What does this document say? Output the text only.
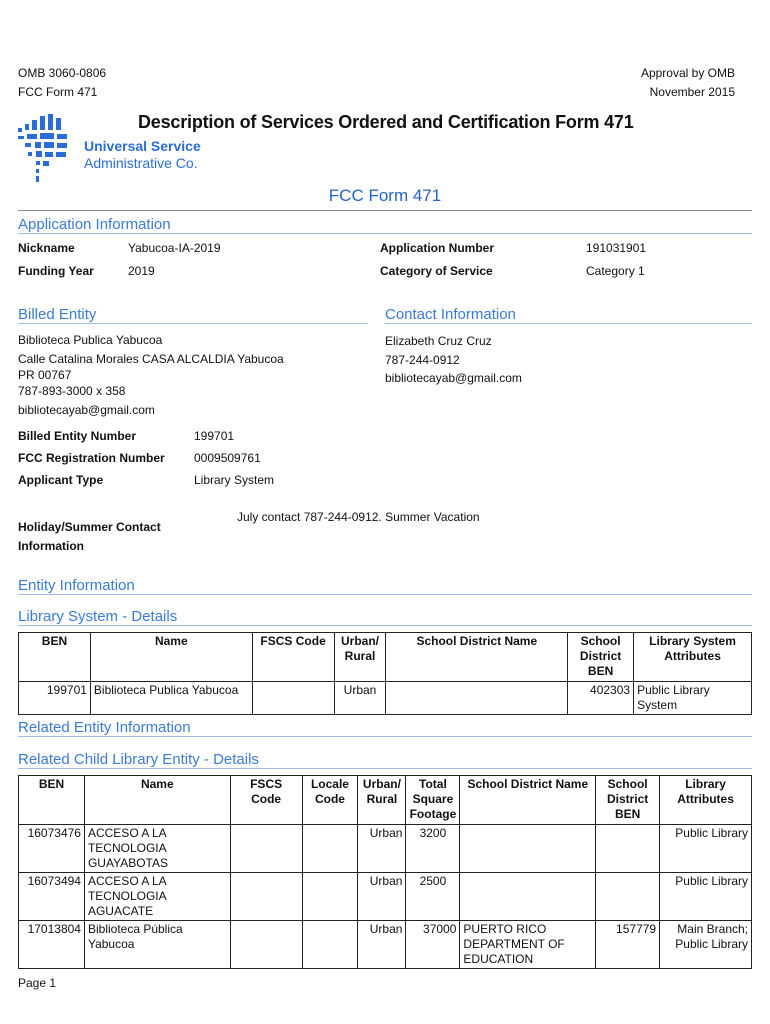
OMB 3060-0806
FCC Form 471
Approval by OMB
November 2015
Universal Service
Administrative Co.
Description of Services Ordered and Certification Form 471
FCC Form 471
Application Information
Nickname	Yabucoa-IA-2019
Funding Year	2019
Application Number	191031901
Category of Service	Category 1
Billed Entity
Biblioteca Publica Yabucoa
Calle Catalina Morales CASA ALCALDIA Yabucoa
PR 00767
787-893-3000 x 358
bibliotecayab@gmail.com
Billed Entity Number	199701
FCC Registration Number 0009509761
Applicant Type	Library System
Holiday/Summer Contact
Information
July contact 787-244-0912. Summer Vacation
Contact Information
Elizabeth Cruz Cruz
787-244-0912
bibliotecayab@gmail.com
Entity Information
Library System - Details
BEN	Name	FSCS Code	Urban/ Rural	School District Name	School District BEN	Library System Attributes
199701	Biblioteca Publica Yabucoa		Urban		402303	Public Library System
Related Entity Information
Related Child Library Entity - Details
BEN	Name	FSCS Code	Locale Code	Urban/ Rural	Total Square Footage	School District Name	School District BEN	Library Attributes
16073476	ACCESO A LA TECNOLOGIA GUAYABOTAS			Urban	3200			Public Library
16073494	ACCESO A LA TECNOLOGIA AGUACATE			Urban	2500			Public Library
17013804	Biblioteca Pública Yabucoa			Urban	37000	PUERTO RICO DEPARTMENT OF EDUCATION	157779	Main Branch; Public Library
Page 1
